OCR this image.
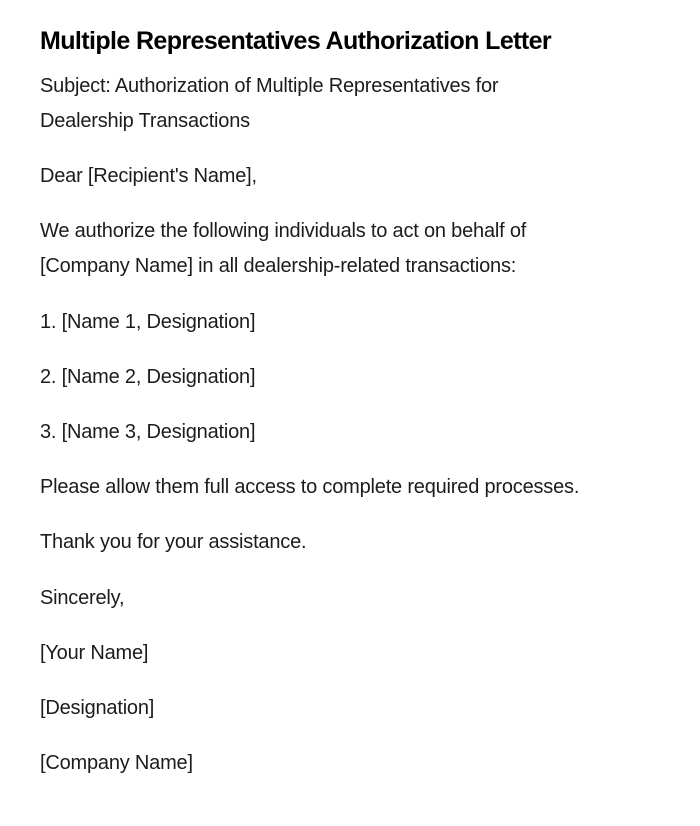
Multiple Representatives Authorization Letter

Subject: Authorization of Multiple Representatives for

Dealership Transactions

Dear [Recipient's Name],

We authorize the following individuals to act on behalf of

[Company Name] in all dealership-related transactions:

1. [Name 1, Designation]

2. [Name 2, Designation]

3. [Name 3, Designation]

Please allow them full access to complete required processes.

Thank you for your assistance.

Sincerely,

[Your Name]

[Designation]

[Company Name]
